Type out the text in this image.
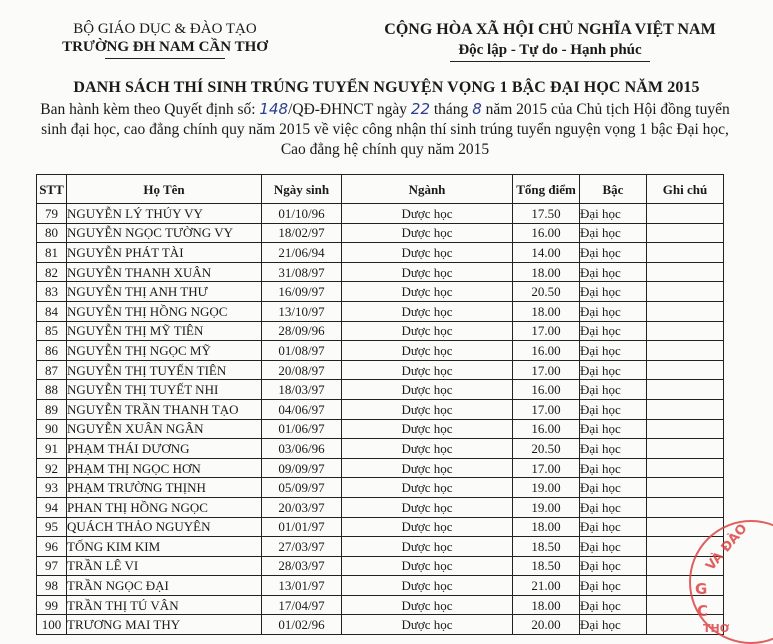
BỘ GIÁO DỤC & ĐÀO TẠO
TRƯỜNG ĐH NAM CẦN THƠ
CỘNG HÒA XÃ HỘI CHỦ NGHĨA VIỆT NAM
Độc lập - Tự do - Hạnh phúc
DANH SÁCH THÍ SINH TRÚNG TUYỂN NGUYỆN VỌNG 1 BẬC ĐẠI HỌC NĂM 2015
Ban hành kèm theo Quyết định số: 148/QĐ-ĐHNCT ngày 22 tháng 8 năm 2015 của Chủ tịch Hội đồng tuyển
sinh đại học, cao đẳng chính quy năm 2015 về việc công nhận thí sinh trúng tuyển nguyện vọng 1 bậc Đại học,
Cao đẳng hệ chính quy năm 2015
STT	Họ Tên	Ngày sinh	Ngành	Tổng điểm	Bậc	Ghi chú
79	NGUYỄN LÝ THÚY VY	01/10/96	Dược học	17.50	Đại học	
80	NGUYỄN NGỌC TƯỜNG VY	18/02/97	Dược học	16.00	Đại học	
81	NGUYỄN PHÁT TÀI	21/06/94	Dược học	14.00	Đại học	
82	NGUYỄN THANH XUÂN	31/08/97	Dược học	18.00	Đại học	
83	NGUYỄN THỊ ANH THƯ	16/09/97	Dược học	20.50	Đại học	
84	NGUYỄN THỊ HỒNG NGỌC	13/10/97	Dược học	18.00	Đại học	
85	NGUYỄN THỊ MỸ TIÊN	28/09/96	Dược học	17.00	Đại học	
86	NGUYỄN THỊ NGỌC MỸ	01/08/97	Dược học	16.00	Đại học	
87	NGUYỄN THỊ TUYẾN TIÊN	20/08/97	Dược học	17.00	Đại học	
88	NGUYỄN THỊ TUYẾT NHI	18/03/97	Dược học	16.00	Đại học	
89	NGUYỄN TRẦN THANH TẠO	04/06/97	Dược học	17.00	Đại học	
90	NGUYỄN XUÂN NGÂN	01/06/97	Dược học	16.00	Đại học	
91	PHẠM THÁI DƯƠNG	03/06/96	Dược học	20.50	Đại học	
92	PHẠM THỊ NGỌC HƠN	09/09/97	Dược học	17.00	Đại học	
93	PHẠM TRƯỜNG THỊNH	05/09/97	Dược học	19.00	Đại học	
94	PHAN THỊ HỒNG NGỌC	20/03/97	Dược học	19.00	Đại học	
95	QUÁCH THẢO NGUYÊN	01/01/97	Dược học	18.00	Đại học	
96	TỐNG KIM KIM	27/03/97	Dược học	18.50	Đại học	
97	TRẦN LÊ VI	28/03/97	Dược học	18.50	Đại học	
98	TRẦN NGỌC ĐẠI	13/01/97	Dược học	21.00	Đại học	
99	TRẦN THỊ TÚ VÂN	17/04/97	Dược học	18.00	Đại học	
100	TRƯƠNG MAI THY	01/02/96	Dược học	20.00	Đại học	
VÀ ĐÀO
G
C
THƠ
